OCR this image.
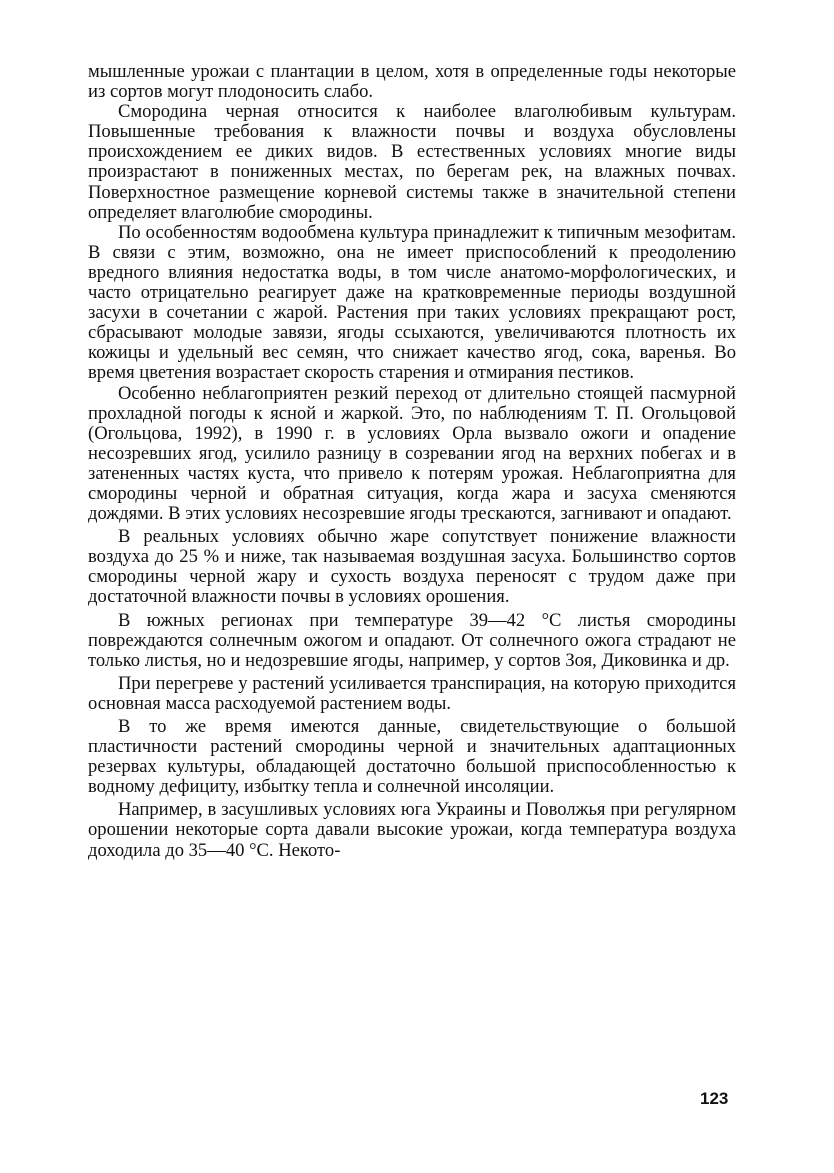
мышленные урожаи с плантации в целом, хотя в определенные годы некоторые из сортов могут плодоносить слабо.

Смородина черная относится к наиболее влаголюбивым культурам. Повышенные требования к влажности почвы и воздуха обусловлены происхождением ее диких видов. В естественных условиях многие виды произрастают в пониженных местах, по берегам рек, на влажных почвах. Поверхностное размещение корневой системы также в значительной степени определяет влаголюбие смородины.

По особенностям водообмена культура принадлежит к типичным мезофитам. В связи с этим, возможно, она не имеет приспособлений к преодолению вредного влияния недостатка воды, в том числе анатомо-морфологических, и часто отрицательно реагирует даже на кратковременные периоды воздушной засухи в сочетании с жарой. Растения при таких условиях прекращают рост, сбрасывают молодые завязи, ягоды ссыхаются, увеличиваются плотность их кожицы и удельный вес семян, что снижает качество ягод, сока, варенья. Во время цветения возрастает скорость старения и отмирания пестиков.

Особенно неблагоприятен резкий переход от длительно стоящей пасмурной прохладной погоды к ясной и жаркой. Это, по наблюдениям Т. П. Огольцовой (Огольцова, 1992), в 1990 г. в условиях Орла вызвало ожоги и опадение несозревших ягод, усилило разницу в созревании ягод на верхних побегах и в затененных частях куста, что привело к потерям урожая. Неблагоприятна для смородины черной и обратная ситуация, когда жара и засуха сменяются дождями. В этих условиях несозревшие ягоды трескаются, загнивают и опадают.

В реальных условиях обычно жаре сопутствует понижение влажности воздуха до 25 % и ниже, так называемая воздушная засуха. Большинство сортов смородины черной жару и сухость воздуха переносят с трудом даже при достаточной влажности почвы в условиях орошения.

В южных регионах при температуре 39—42 °С листья смородины повреждаются солнечным ожогом и опадают. От солнечного ожога страдают не только листья, но и недозревшие ягоды, например, у сортов Зоя, Диковинка и др.

При перегреве у растений усиливается транспирация, на которую приходится основная масса расходуемой растением воды.

В то же время имеются данные, свидетельствующие о большой пластичности растений смородины черной и значительных адаптационных резервах культуры, обладающей достаточно большой приспособленностью к водному дефициту, избытку тепла и солнечной инсоляции.

Например, в засушливых условиях юга Украины и Поволжья при регулярном орошении некоторые сорта давали высокие урожаи, когда температура воздуха доходила до 35—40 °С. Некото-

123
